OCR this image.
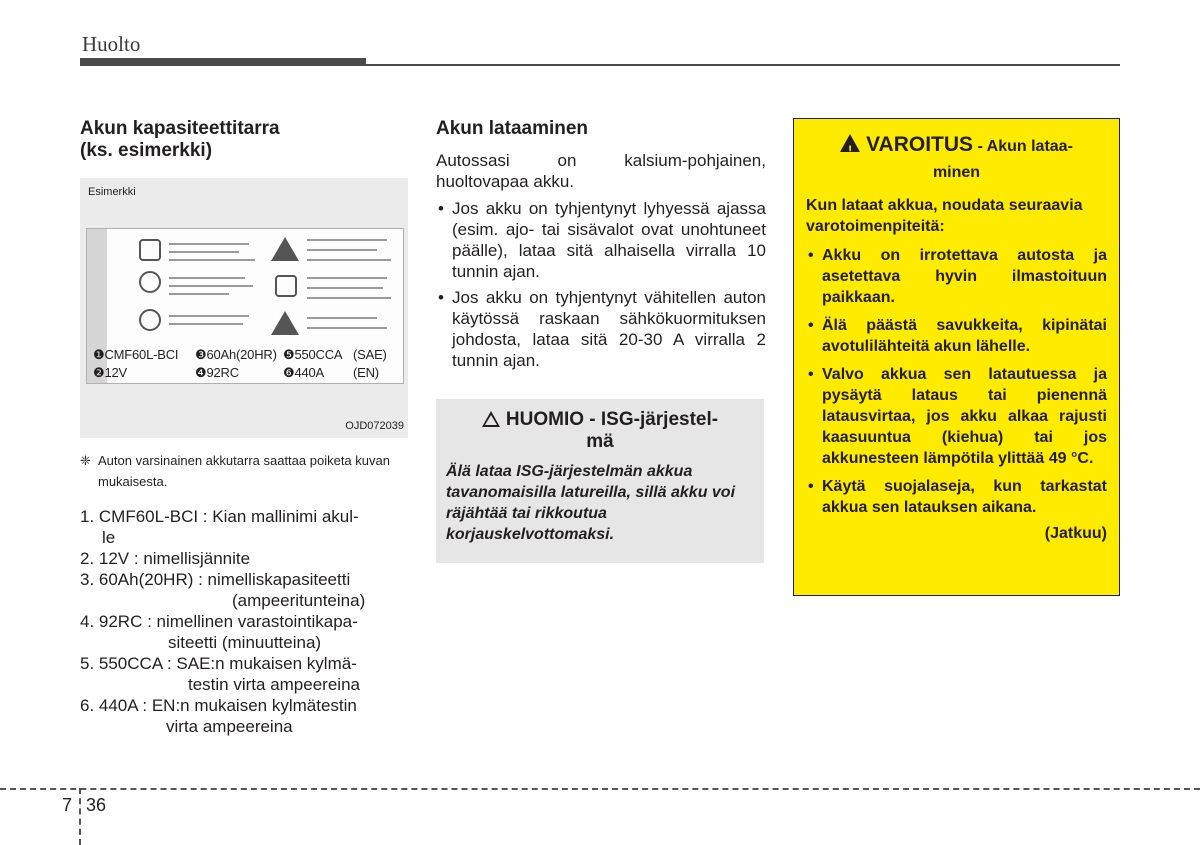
Huolto
Akun kapasiteettitarra
(ks. esimerkki)
Esimerkki
❶CMF60L-BCI ❸60Ah(20HR) ❺550CCA (SAE)
❷12V	❹92RC	❻440A (EN)
OJD072039

❈ Auton varsinainen akkutarra saattaa poiketa kuvan mukaisesta.

1. CMF60L-BCI : Kian mallinimi akul-
le
2. 12V : nimellisjännite
3. 60Ah(20HR) : nimelliskapasiteetti
(ampeeritunteina)
4. 92RC : nimellinen varastointikapa-
siteetti (minuutteina)
5. 550CCA : SAE:n mukaisen kylmä-
testin virta ampeereina
6. 440A : EN:n mukaisen kylmätestin
virta ampeereina
Akun lataaminen

Autossasi on kalsium-pohjainen, huoltovapaa akku.

• Jos akku on tyhjentynyt lyhyessä ajassa (esim. ajo- tai sisävalot ovat unohtuneet päälle), lataa sitä alhaisella virralla 10 tunnin ajan.
• Jos akku on tyhjentynyt vähitellen auton käytössä raskaan sähkökuormituksen johdosta, lataa sitä 20-30 A virralla 2 tunnin ajan.
HUOMIO - ISG-järjestel-
mä

Älä lataa ISG-järjestelmän akkua tavanomaisilla latureilla, sillä akku voi räjähtää tai rikkoutua korjauskelvottomaksi.

!VAROITUS - Akun lataa-
minen

Kun lataat akkua, noudata seuraavia varotoimenpiteitä:

• Akku on irrotettava autosta ja asetettava hyvin ilmastoituun paikkaan.
• Älä päästä savukkeita, kipinätai avotulilähteitä akun lähelle.
• Valvo akkua sen latautuessa ja pysäytä lataus tai pienennä latausvirtaa, jos akku alkaa rajusti kaasuuntua (kiehua) tai jos akkunesteen lämpötila ylittää 49 °C.
• Käytä suojalaseja, kun tarkastat akkua sen latauksen aikana.
(Jatkuu)
7 36
